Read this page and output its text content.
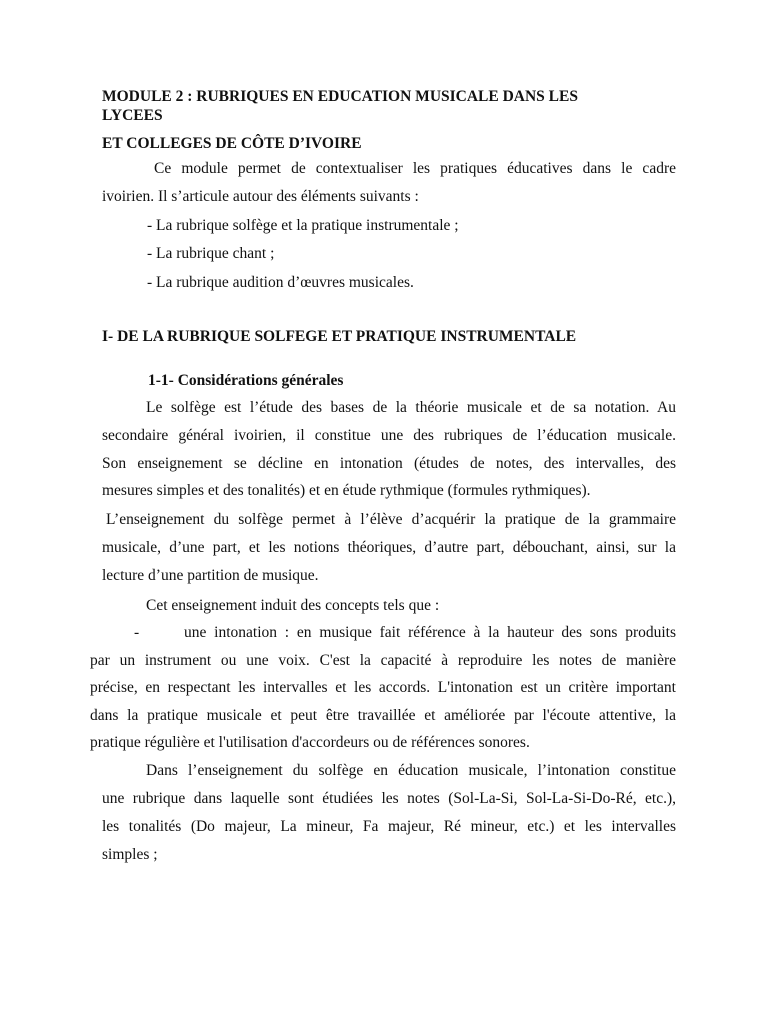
MODULE 2 : RUBRIQUES EN EDUCATION MUSICALE DANS LES

LYCEES

ET COLLEGES DE CÔTE D’IVOIRE

Ce module permet de contextualiser les pratiques éducatives dans le cadre

ivoirien. Il s’articule autour des éléments suivants :

- La rubrique solfège et la pratique instrumentale ;

- La rubrique chant ;

- La rubrique audition d’œuvres musicales.

I- DE LA RUBRIQUE SOLFEGE ET PRATIQUE INSTRUMENTALE

1-1- Considérations générales

Le solfège est l’étude des bases de la théorie musicale et de sa notation. Au

secondaire général ivoirien, il constitue une des rubriques de l’éducation musicale.

Son enseignement se décline en intonation (études de notes, des intervalles, des

mesures simples et des tonalités) et en étude rythmique (formules rythmiques).

L’enseignement du solfège permet à l’élève d’acquérir la pratique de la grammaire

musicale, d’une part, et les notions théoriques, d’autre part, débouchant, ainsi, sur la

lecture d’une partition de musique.

Cet enseignement induit des concepts tels que :

-	une intonation : en musique fait référence à la hauteur des sons produits

par un instrument ou une voix. C'est la capacité à reproduire les notes de manière

précise, en respectant les intervalles et les accords. L'intonation est un critère important

dans la pratique musicale et peut être travaillée et améliorée par l'écoute attentive, la

pratique régulière et l'utilisation d'accordeurs ou de références sonores.

Dans l’enseignement du solfège en éducation musicale, l’intonation constitue

une rubrique dans laquelle sont étudiées les notes (Sol-La-Si, Sol-La-Si-Do-Ré, etc.),

les tonalités (Do majeur, La mineur, Fa majeur, Ré mineur, etc.) et les intervalles

simples ;
